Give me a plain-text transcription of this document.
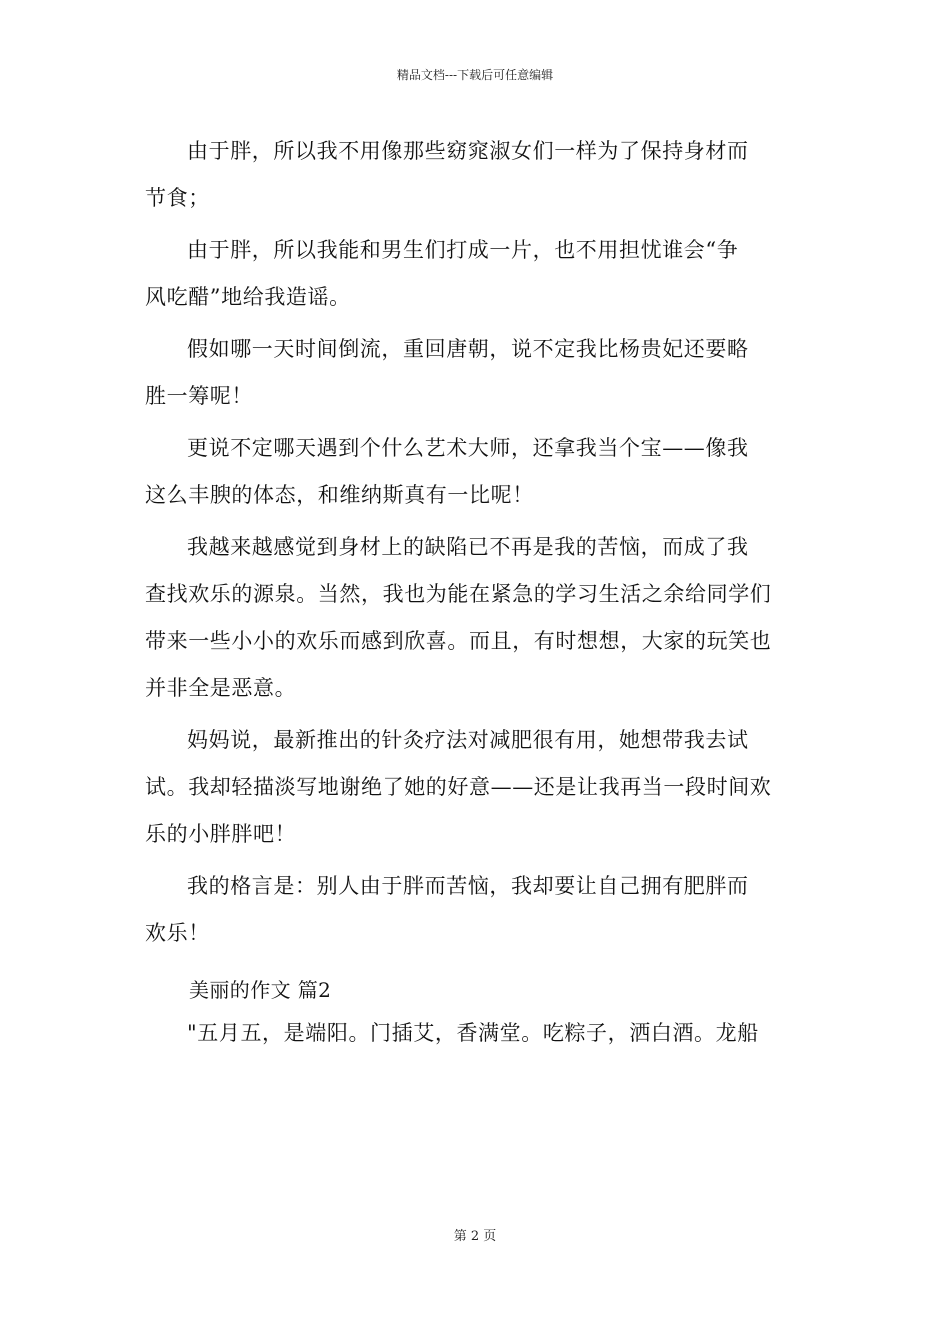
精品文档---下载后可任意编辑

由于胖，所以我不用像那些窈窕淑女们一样为了保持身材而
节食；

由于胖，所以我能和男生们打成一片，也不用担忧谁会“争
风吃醋”地给我造谣。

假如哪一天时间倒流，重回唐朝，说不定我比杨贵妃还要略
胜一筹呢！

更说不定哪天遇到个什么艺术大师，还拿我当个宝——像我
这么丰腴的体态，和维纳斯真有一比呢！

我越来越感觉到身材上的缺陷已不再是我的苦恼，而成了我
查找欢乐的源泉。当然，我也为能在紧急的学习生活之余给同学们
带来一些小小的欢乐而感到欣喜。而且，有时想想，大家的玩笑也
并非全是恶意。

妈妈说，最新推出的针灸疗法对减肥很有用，她想带我去试
试。我却轻描淡写地谢绝了她的好意——还是让我再当一段时间欢
乐的小胖胖吧！

我的格言是：别人由于胖而苦恼，我却要让自己拥有肥胖而
欢乐！

美丽的作文 篇2

"五月五，是端阳。门插艾，香满堂。吃粽子，洒白酒。龙船

第 2 页
